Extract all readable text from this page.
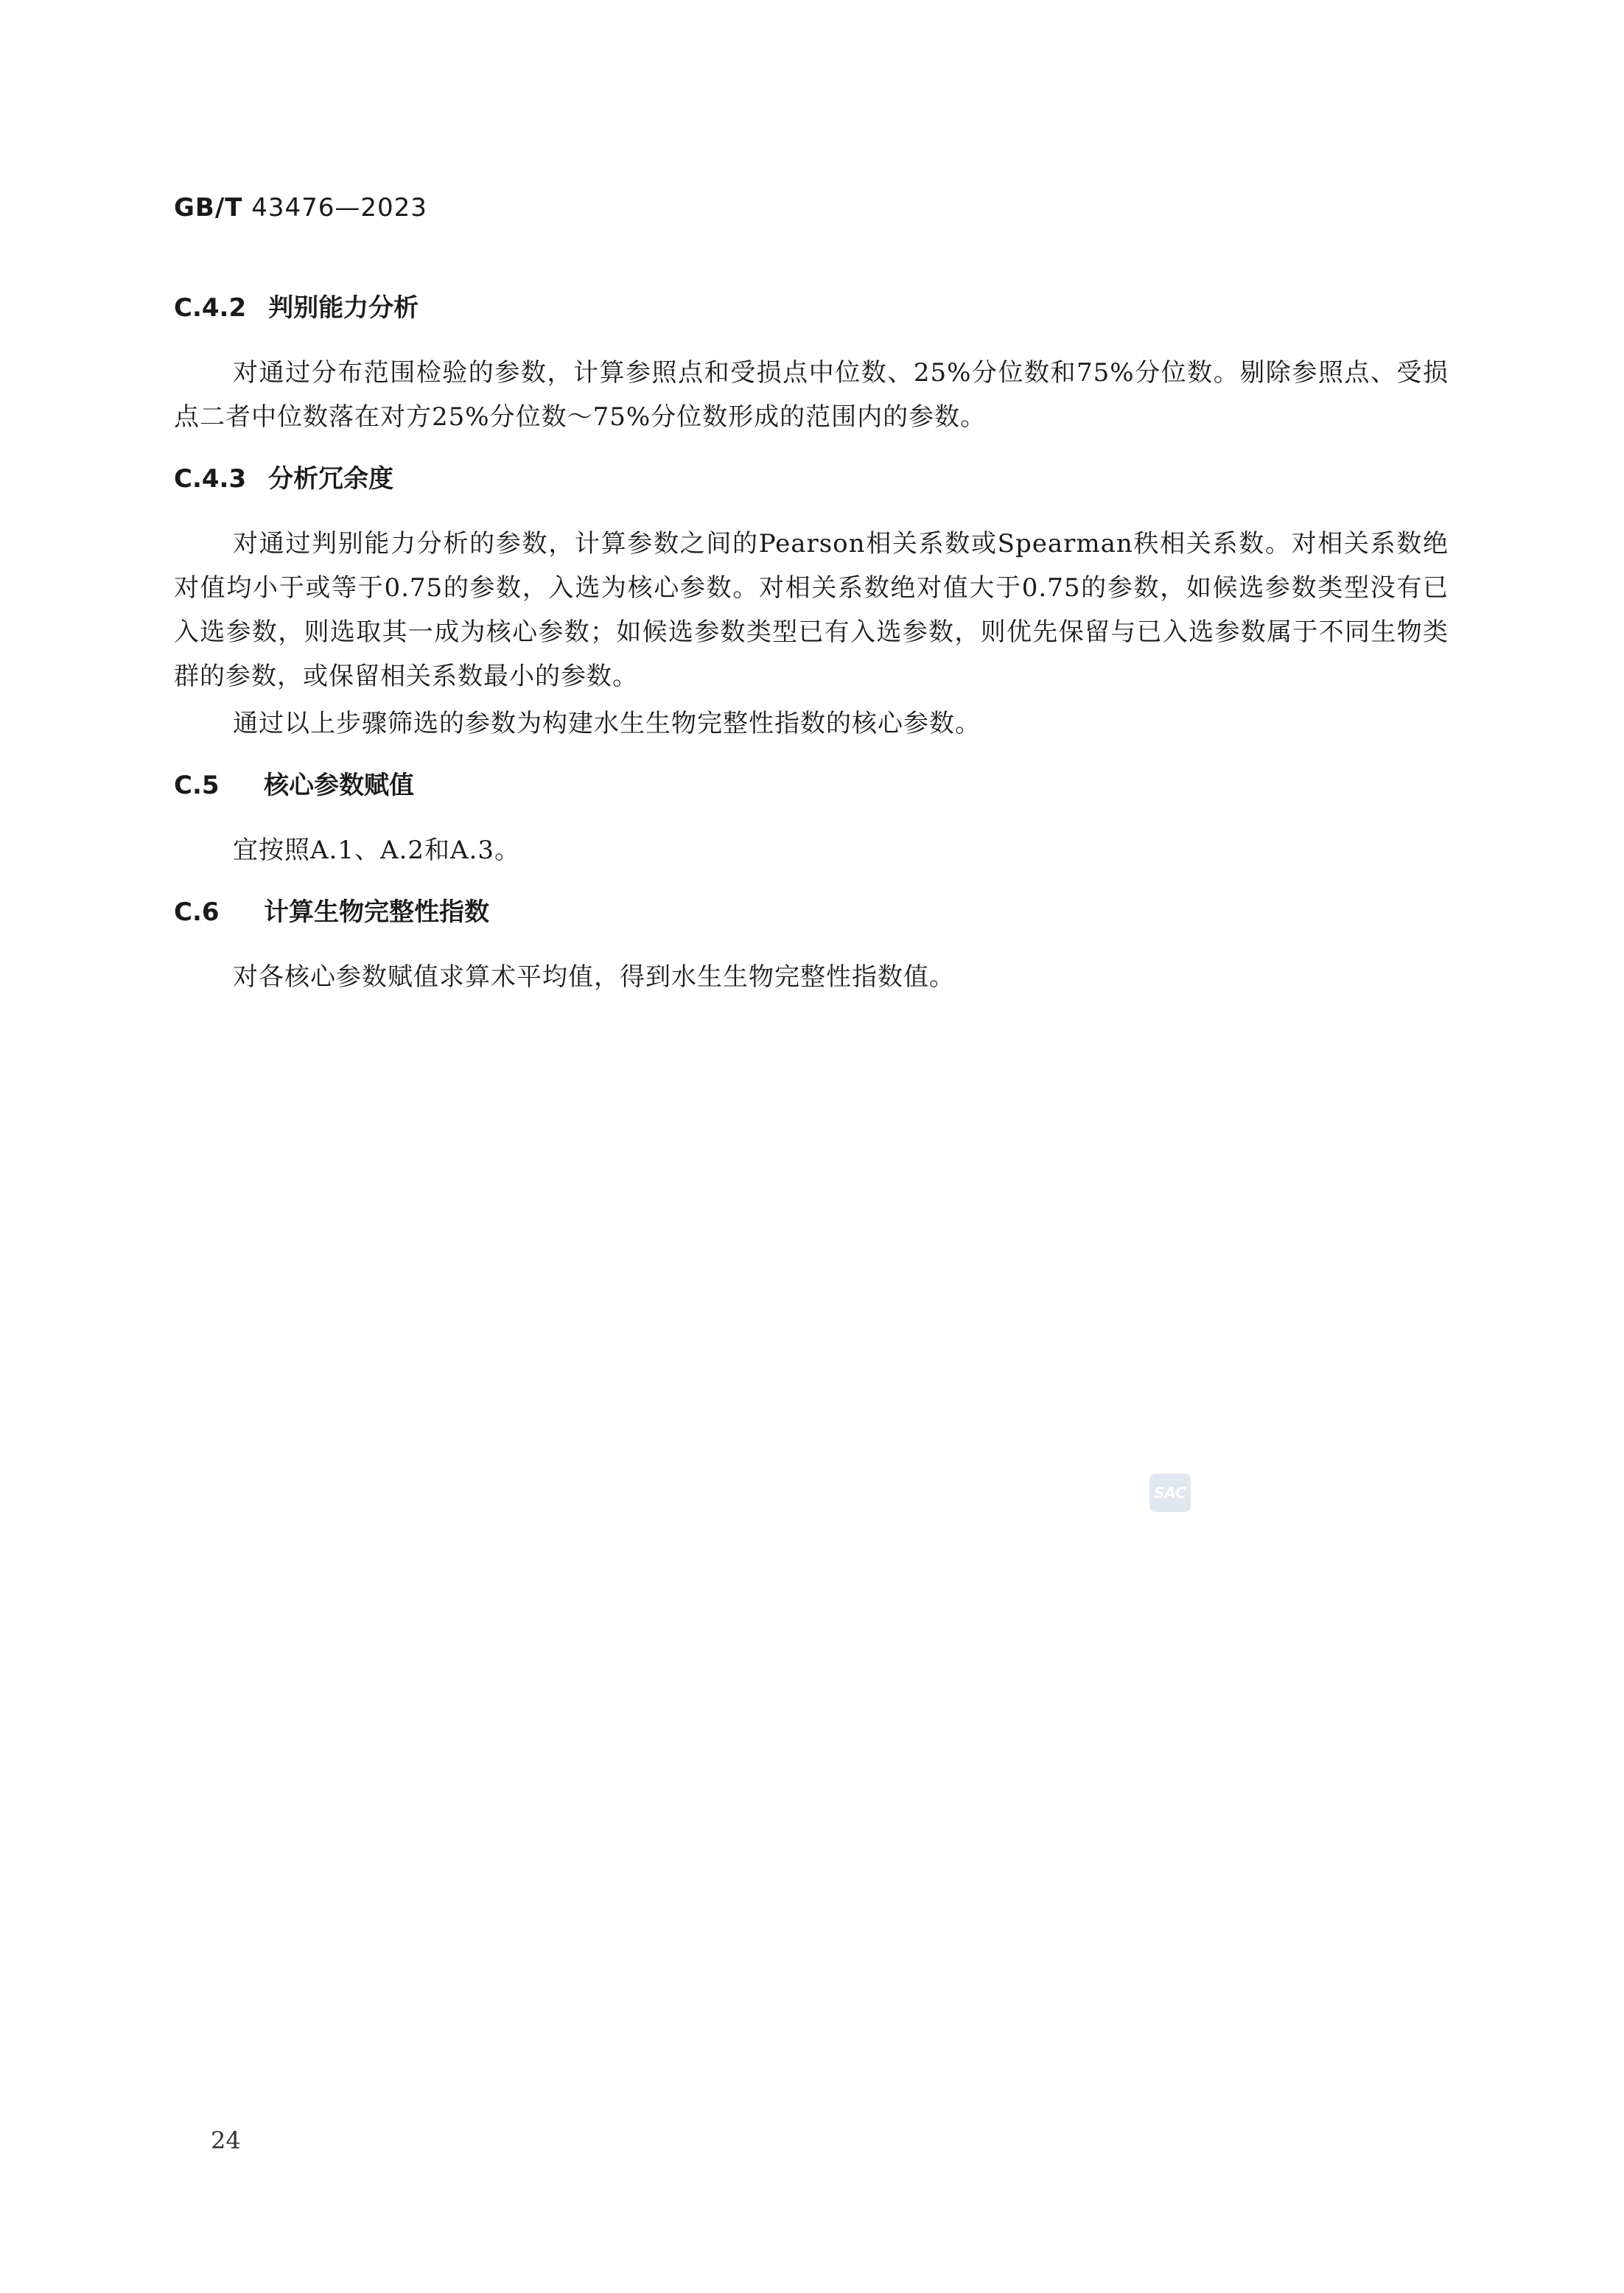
GB/T 43476—2023
C.4.2 判别能力分析

对通过分布范围检验的参数，计算参照点和受损点中位数、25%分位数和75%分位数。剔除参照点、受损点二者中位数落在对方25%分位数～75%分位数形成的范围内的参数。

C.4.3 分析冗余度

对通过判别能力分析的参数，计算参数之间的Pearson相关系数或Spearman秩相关系数。对相关系数绝对值均小于或等于0.75的参数，入选为核心参数。对相关系数绝对值大于0.75的参数，如候选参数类型没有已入选参数，则选取其一成为核心参数；如候选参数类型已有入选参数，则优先保留与已入选参数属于不同生物类群的参数，或保留相关系数最小的参数。

通过以上步骤筛选的参数为构建水生生物完整性指数的核心参数。

C.5 核心参数赋值

宜按照A.1、A.2和A.3。

C.6 计算生物完整性指数

对各核心参数赋值求算术平均值，得到水生生物完整性指数值。

SAC
24
